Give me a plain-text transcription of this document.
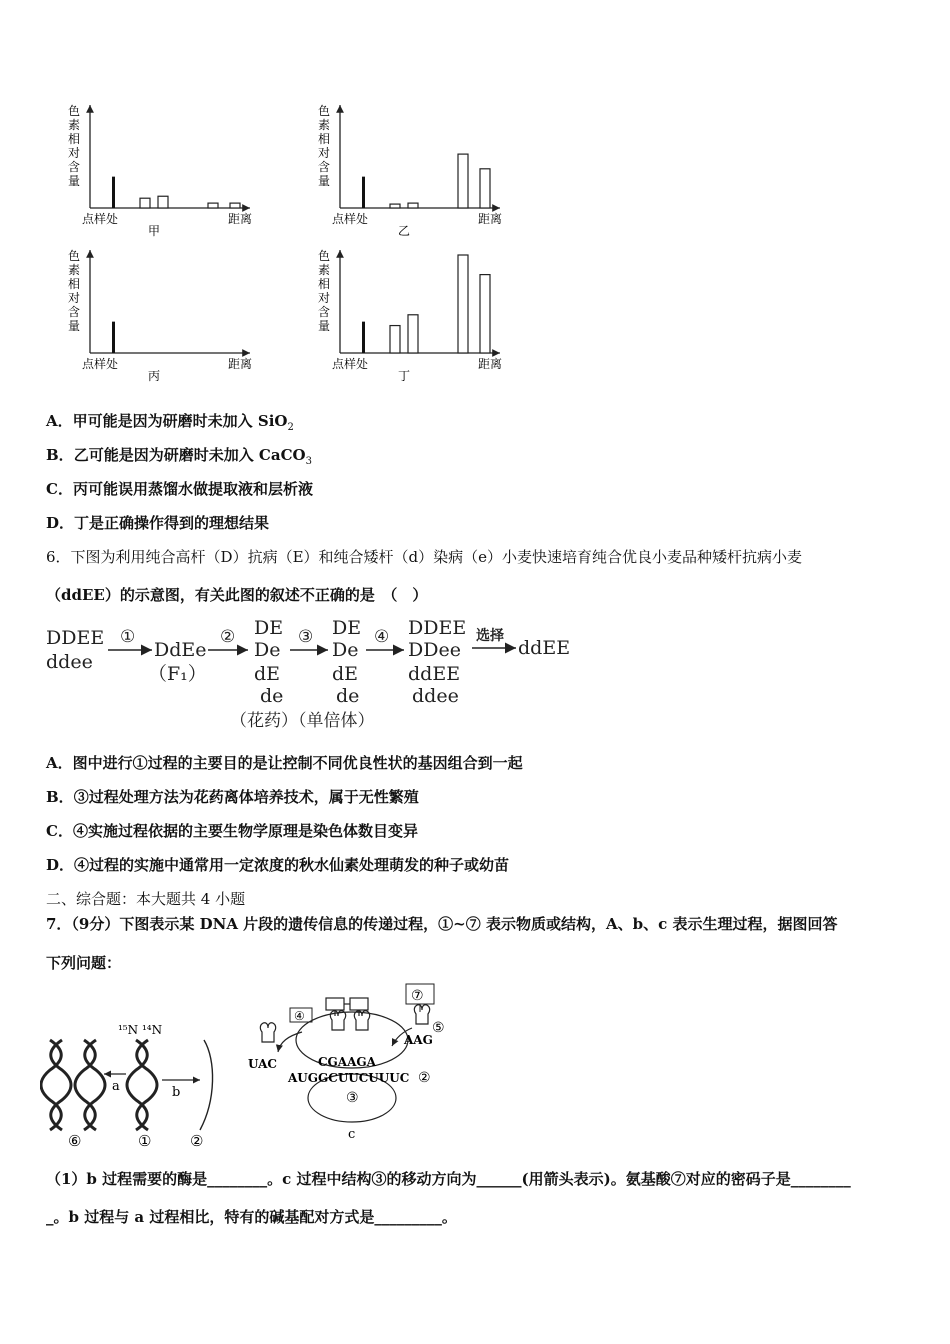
色
素
相
对
含
量
点样处	距离
甲
色
素
相
对
含
量
点样处	距离
乙
色
素
相
对
含
量
点样处	距离
丙
色
素
相
对
含
量
点样处	距离
丁
A．甲可能是因为研磨时未加入 SiO$_2$
B．乙可能是因为研磨时未加入 CaCO$_3$
C．丙可能误用蒸馏水做提取液和层析液
D．丁是正确操作得到的理想结果
6．下图为利用纯合高杆（D）抗病（E）和纯合矮杆（d）染病（e）小麦快速培育纯合优良小麦品种矮杆抗病小麦
（ddEE）的示意图，有关此图的叙述不正确的是　（　）
DDEE
ddee
①
DdEe
（F₁）
② DE
De
dE
de
③ DE
De
dE
de
④ DDEE
DDee
ddEE
ddee
选择
ddEE
（花药）（单倍体）
A．图中进行①过程的主要目的是让控制不同优良性状的基因组合到一起
B．③过程处理方法为花药离体培养技术，属于无性繁殖
C．④实施过程依据的主要生物学原理是染色体数目变异
D．④过程的实施中通常用一定浓度的秋水仙素处理萌发的种子或幼苗
二、综合题：本大题共 4 小题
7．（9分）下图表示某 DNA 片段的遗传信息的传递过程，①~⑦ 表示物质或结构，A、b、c 表示生理过程，据图回答
下列问题：
¹⁵N ¹⁴N
a	b
⑥	①	②
④
⑦
⑤
UAC
AAG
CGAAGA
AUGGCUUCUUUC ②
③
c
（1）b 过程需要的酶是________。c 过程中结构③的移动方向为______(用箭头表示)。氨基酸⑦对应的密码子是________
_。b 过程与 a 过程相比，特有的碱基配对方式是_________。
